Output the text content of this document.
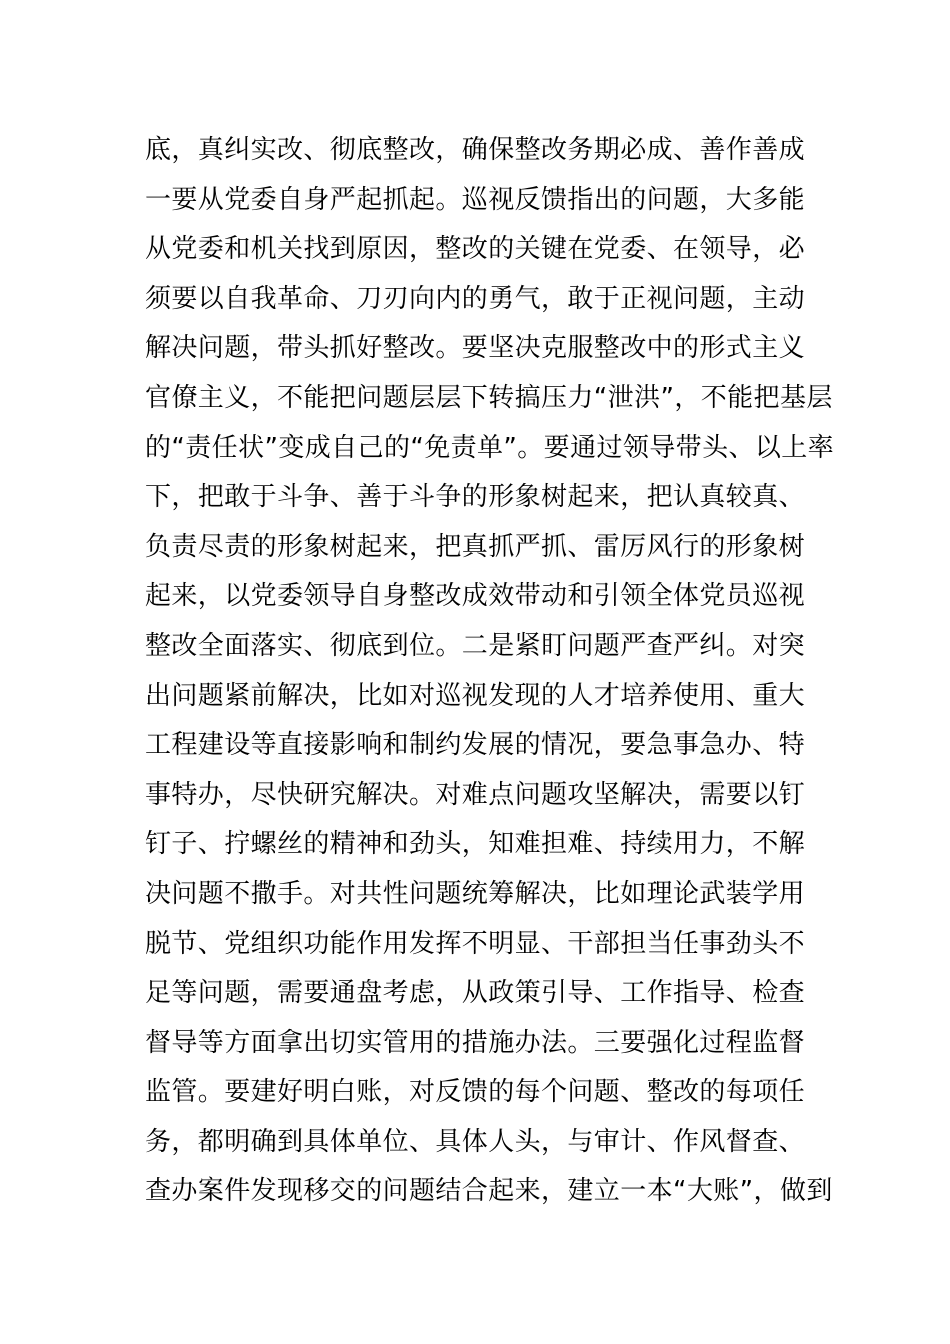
底，真纠实改、彻底整改，确保整改务期必成、善作善成
一要从党委自身严起抓起。巡视反馈指出的问题，大多能
从党委和机关找到原因，整改的关键在党委、在领导，必
须要以自我革命、刀刃向内的勇气，敢于正视问题，主动
解决问题，带头抓好整改。要坚决克服整改中的形式主义
官僚主义，不能把问题层层下转搞压力“泄洪”，不能把基层
的“责任状”变成自己的“免责单”。要通过领导带头、以上率
下，把敢于斗争、善于斗争的形象树起来，把认真较真、
负责尽责的形象树起来，把真抓严抓、雷厉风行的形象树
起来，以党委领导自身整改成效带动和引领全体党员巡视
整改全面落实、彻底到位。二是紧盯问题严查严纠。对突
出问题紧前解决，比如对巡视发现的人才培养使用、重大
工程建设等直接影响和制约发展的情况，要急事急办、特
事特办，尽快研究解决。对难点问题攻坚解决，需要以钉
钉子、拧螺丝的精神和劲头，知难担难、持续用力，不解
决问题不撒手。对共性问题统筹解决，比如理论武装学用
脱节、党组织功能作用发挥不明显、干部担当任事劲头不
足等问题，需要通盘考虑，从政策引导、工作指导、检查
督导等方面拿出切实管用的措施办法。三要强化过程监督
监管。要建好明白账，对反馈的每个问题、整改的每项任
务，都明确到具体单位、具体人头，与审计、作风督查、
查办案件发现移交的问题结合起来，建立一本“大账”，做到
